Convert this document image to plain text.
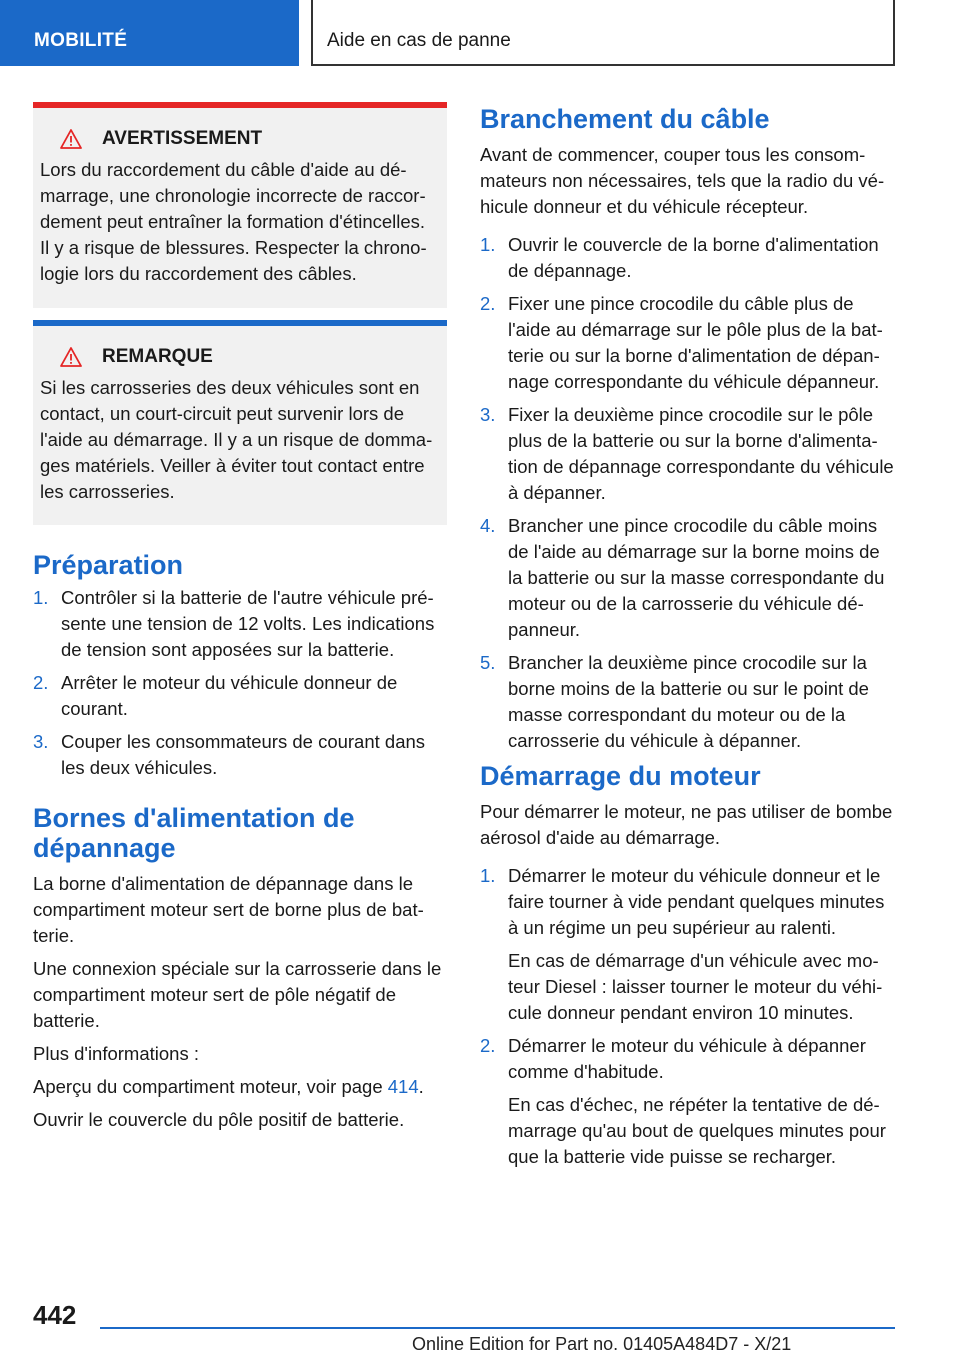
MOBILITÉ	Aide en cas de panne
AVERTISSEMENT
Lors du raccordement du câble d'aide au démarrage, une chronologie incorrecte de raccordement peut entraîner la formation d'étincelles. Il y a risque de blessures. Respecter la chronologie lors du raccordement des câbles.
REMARQUE
Si les carrosseries des deux véhicules sont en contact, un court-circuit peut survenir lors de l'aide au démarrage. Il y a un risque de dommages matériels. Veiller à éviter tout contact entre les carrosseries.
Préparation
1. Contrôler si la batterie de l'autre véhicule présente une tension de 12 volts. Les indications de tension sont apposées sur la batterie.
2. Arrêter le moteur du véhicule donneur de courant.
3. Couper les consommateurs de courant dans les deux véhicules.
Bornes d'alimentation de dépannage

La borne d'alimentation de dépannage dans le compartiment moteur sert de borne plus de batterie.

Une connexion spéciale sur la carrosserie dans le compartiment moteur sert de pôle négatif de batterie.

Plus d'informations :

Aperçu du compartiment moteur, voir page 414.

Ouvrir le couvercle du pôle positif de batterie.

Branchement du câble

Avant de commencer, couper tous les consommateurs non nécessaires, tels que la radio du véhicule donneur et du véhicule récepteur.

1. Ouvrir le couvercle de la borne d'alimentation de dépannage.
2. Fixer une pince crocodile du câble plus de l'aide au démarrage sur le pôle plus de la batterie ou sur la borne d'alimentation de dépannage correspondante du véhicule dépanneur.
3. Fixer la deuxième pince crocodile sur le pôle plus de la batterie ou sur la borne d'alimentation de dépannage correspondante du véhicule à dépanner.
4. Brancher une pince crocodile du câble moins de l'aide au démarrage sur la borne moins de la batterie ou sur la masse correspondante du moteur ou de la carrosserie du véhicule dépanneur.
5. Brancher la deuxième pince crocodile sur la borne moins de la batterie ou sur le point de masse correspondant du moteur ou de la carrosserie du véhicule à dépanner.
Démarrage du moteur

Pour démarrer le moteur, ne pas utiliser de bombe aérosol d'aide au démarrage.

1. Démarrer le moteur du véhicule donneur et le faire tourner à vide pendant quelques minutes à un régime un peu supérieur au ralenti.
En cas de démarrage d'un véhicule avec moteur Diesel : laisser tourner le moteur du véhicule donneur pendant environ 10 minutes.
2. Démarrer le moteur du véhicule à dépanner comme d'habitude.
En cas d'échec, ne répéter la tentative de démarrage qu'au bout de quelques minutes pour que la batterie vide puisse se recharger.
442
Online Edition for Part no. 01405A484D7 - X/21
